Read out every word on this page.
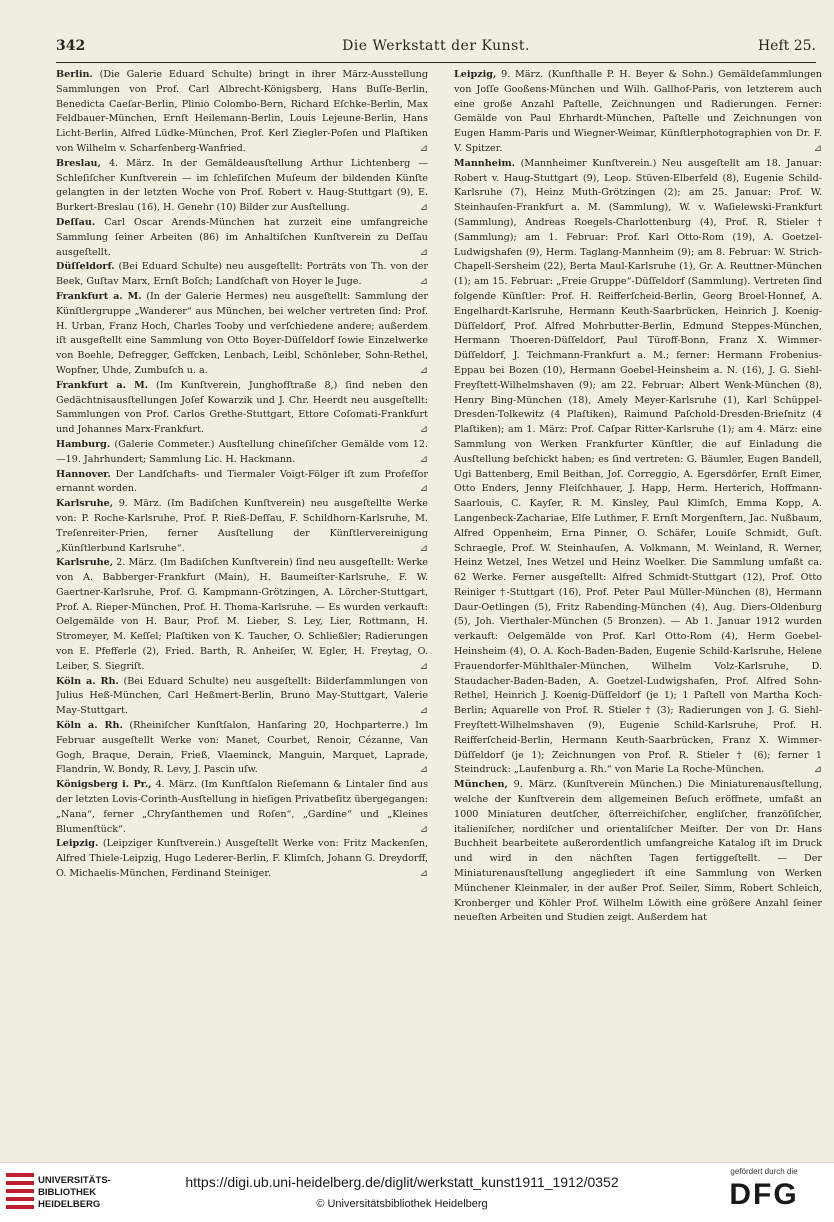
342	Die Werkstatt der Kunst.	Heft 25.

Berlin. (Die Galerie Eduard Schulte) bringt in ihrer März-Ausstellung Sammlungen von Prof. Carl Albrecht-Königsberg, Hans Buſſe-Berlin, Benedicta Caeſar-Berlin, Plinio Colombo-Bern, Richard Eſchke-Berlin, Max Feldbauer-München, Ernſt Heilemann-Berlin, Louis Lejeune-Berlin, Hans Licht-Berlin, Alfred Lüdke-München, Prof. Kerl Ziegler-Poſen und Plaſtiken von Wilhelm v. Scharfenberg-Wanfried.	⊿

Breslau, 4. März. In der Gemäldeausſtellung Arthur Lichtenberg — Schleſiſcher Kunſtverein — im ſchleſiſchen Muſeum der bildenden Künſte gelangten in der letzten Woche von Prof. Robert v. Haug-Stuttgart (9), E. Burkert-Breslau (16), H. Genehr (10) Bilder zur Ausſtellung.	⊿

Deſſau. Carl Oscar Arends-München hat zurzeit eine umfangreiche Sammlung ſeiner Arbeiten (86) im Anhaltiſchen Kunſtverein zu Deſſau ausgeſtellt.	⊿

Düſſeldorf. (Bei Eduard Schulte) neu ausgeſtellt: Porträts von Th. von der Beek, Guſtav Marx, Ernſt Boſch; Landſchaft von Hoyer le Juge.	⊿

Frankfurt a. M. (In der Galerie Hermes) neu ausgeſtellt: Sammlung der Künſtlergruppe „Wanderer“ aus München, bei welcher vertreten ſind: Prof. H. Urban, Franz Hoch, Charles Tooby und verſchiedene andere; außerdem iſt ausgeſtellt eine Sammlung von Otto Boyer-Düſſeldorf ſowie Einzelwerke von Boehle, Defregger, Geffcken, Lenbach, Leibl, Schönleber, Sohn-Rethel, Wopfner, Uhde, Zumbuſch u. a.	⊿

Frankfurt a. M. (Im Kunſtverein, Junghofſtraße 8,) ſind neben den Gedächtnisausſtellungen Joſef Kowarzik und J. Chr. Heerdt neu ausgeſtellt: Sammlungen von Prof. Carlos Grethe-Stuttgart, Ettore Coſomati-Frankfurt und Johannes Marx-Frankfurt.	⊿

Hamburg. (Galerie Commeter.) Ausſtellung chineſiſcher Gemälde vom 12.—19. Jahrhundert; Sammlung Lic. H. Hackmann.	⊿

Hannover. Der Landſchafts- und Tiermaler Voigt-Fölger iſt zum Profeſſor ernannt worden.	⊿

Karlsruhe, 9. März. (Im Badiſchen Kunſtverein) neu ausgeſtellte Werke von: P. Roche-Karlsruhe, Prof. P. Rieß-Deſſau, F. Schildhorn-Karlsruhe, M. Treſenreiter-Prien, ferner Ausſtellung der Künſtlervereinigung „Künſtlerbund Karlsruhe“.	⊿

Karlsruhe, 2. März. (Im Badiſchen Kunſtverein) ſind neu ausgeſtellt: Werke von A. Babberger-Frankfurt (Main), H. Baumeiſter-Karlsruhe, F. W. Gaertner-Karlsruhe, Prof. G. Kampmann-Grötzingen, A. Lörcher-Stuttgart, Prof. A. Rieper-München, Prof. H. Thoma-Karlsruhe. — Es wurden verkauft: Oelgemälde von H. Baur, Prof. M. Lieber, S. Ley, Lier, Rottmann, H. Stromeyer, M. Keſſel; Plaſtiken von K. Taucher, O. Schließler; Radierungen von E. Pfefferle (2), Fried. Barth, R. Anheiſer, W. Egler, H. Freytag, O. Leiber, S. Siegriſt.	⊿

Köln a. Rh. (Bei Eduard Schulte) neu ausgeſtellt: Bilderſammlungen von Julius Heß-München, Carl Heßmert-Berlin, Bruno May-Stuttgart, Valerie May-Stuttgart.	⊿

Köln a. Rh. (Rheiniſcher Kunſtſalon, Hanſaring 20, Hochparterre.) Im Februar ausgeſtellt Werke von: Manet, Courbet, Renoir, Cézanne, Van Gogh, Braque, Derain, Frieß, Vlaeminck, Manguin, Marquet, Laprade, Flandrin, W. Bondy, R. Levy, J. Pascin uſw.	⊿

Königsberg i. Pr., 4. März. (Im Kunſtſalon Rieſemann & Lintaler ſind aus der letzten Lovis-Corinth-Ausſtellung in hieſigen Privatbeſitz übergegangen: „Nana“, ferner „Chryſanthemen und Roſen“, „Gardine“ und „Kleines Blumenſtück“.	⊿

Leipzig. (Leipziger Kunſtverein.) Ausgeſtellt Werke von: Fritz Mackenſen, Alfred Thiele-Leipzig, Hugo Lederer-Berlin, F. Klimſch, Johann G. Dreydorff, O. Michaelis-München, Ferdinand Steiniger.	⊿

Leipzig, 9. März. (Kunſthalle P. H. Beyer & Sohn.) Gemäldeſammlungen von Joſſe Gooßens-München und Wilh. Gallhof-Paris, von letzterem auch eine große Anzahl Paſtelle, Zeichnungen und Radierungen. Ferner: Gemälde von Paul Ehrhardt-München, Paſtelle und Zeichnungen von Eugen Hamm-Paris und Wiegner-Weimar, Künſtlerphotographien von Dr. F. V. Spitzer.	⊿

Mannheim. (Mannheimer Kunſtverein.) Neu ausgeſtellt am 18. Januar: Robert v. Haug-Stuttgart (9), Leop. Stüven-Elberfeld (8), Eugenie Schild-Karlsruhe (7), Heinz Muth-Grötzingen (2); am 25. Januar: Prof. W. Steinhauſen-Frankfurt a. M. (Sammlung), W. v. Waſielewski-Frankfurt (Sammlung), Andreas Roegels-Charlottenburg (4), Prof. R. Stieler † (Sammlung); am 1. Februar: Prof. Karl Otto-Rom (19), A. Goetzel-Ludwigshafen (9), Herm. Taglang-Mannheim (9); am 8. Februar: W. Strich-Chapell-Sersheim (22), Berta Maul-Karlsruhe (1), Gr. A. Reuttner-München (1); am 15. Februar: „Freie Gruppe“-Düſſeldorf (Sammlung). Vertreten ſind folgende Künſtler: Prof. H. Reifferſcheid-Berlin, Georg Broel-Honnef, A. Engelhardt-Karlsruhe, Hermann Keuth-Saarbrücken, Heinrich J. Koenig-Düſſeldorf, Prof. Alfred Mohrbutter-Berlin, Edmund Steppes-München, Hermann Thoeren-Düſſeldorf, Paul Türoff-Bonn, Franz X. Wimmer-Düſſeldorf, J. Teichmann-Frankfurt a. M.; ferner: Hermann Frobenius-Eppau bei Bozen (10), Hermann Goebel-Heinsheim a. N. (16), J. G. Siehl-Freyſtett-Wilhelmshaven (9); am 22. Februar: Albert Wenk-München (8), Henry Bing-München (18), Amely Meyer-Karlsruhe (1), Karl Schüppel-Dresden-Tolkewitz (4 Plaſtiken), Raimund Paſchold-Dresden-Brieſnitz (4 Plaſtiken); am 1. März: Prof. Caſpar Ritter-Karlsruhe (1); am 4. März: eine Sammlung von Werken Frankfurter Künſtler, die auf Einladung die Ausſtellung beſchickt haben; es ſind vertreten: G. Bäumler, Eugen Bandell, Ugi Battenberg, Emil Beithan, Joſ. Correggio, A. Egersdörfer, Ernſt Eimer, Otto Enders, Jenny Fleiſchhauer, J. Happ, Herm. Herterich, Hoffmann-Saarlouis, C. Kayſer, R. M. Kinsley, Paul Klimſch, Emma Kopp, A. Langenbeck-Zachariae, Elſe Luthmer, F. Ernſt Morgenſtern, Jac. Nußbaum, Alfred Oppenheim, Erna Pinner, O. Schäfer, Louiſe Schmidt, Guſt. Schraegle, Prof. W. Steinhauſen, A. Volkmann, M. Weinland, R. Werner, Heinz Wetzel, Ines Wetzel und Heinz Woelker. Die Sammlung umfaßt ca. 62 Werke. Ferner ausgeſtellt: Alfred Schmidt-Stuttgart (12), Prof. Otto Reiniger †-Stuttgart (16), Prof. Peter Paul Müller-München (8), Hermann Daur-Oetlingen (5), Fritz Rabending-München (4), Aug. Diers-Oldenburg (5), Joh. Vierthaler-München (5 Bronzen). — Ab 1. Januar 1912 wurden verkauft: Oelgemälde von Prof. Karl Otto-Rom (4), Herm Goebel-Heinsheim (4), O. A. Koch-Baden-Baden, Eugenie Schild-Karlsruhe, Helene Frauendorfer-Mühlthaler-München, Wilhelm Volz-Karlsruhe, D. Staudacher-Baden-Baden, A. Goetzel-Ludwigshafen, Prof. Alfred Sohn-Rethel, Heinrich J. Koenig-Düſſeldorf (je 1); 1 Paſtell von Martha Koch-Berlin; Aquarelle von Prof. R. Stieler † (3); Radierungen von J. G. Siehl-Freyſtett-Wilhelmshaven (9), Eugenie Schild-Karlsruhe, Prof. H. Reifferſcheid-Berlin, Hermann Keuth-Saarbrücken, Franz X. Wimmer-Düſſeldorf (je 1); Zeichnungen von Prof. R. Stieler † (6); ferner 1 Steindruck: „Laufenburg a. Rh.“ von Marie La Roche-München.	⊿

München, 9. März. (Kunſtverein München.) Die Miniaturenausſtellung, welche der Kunſtverein dem allgemeinen Beſuch eröffnete, umfaßt an 1000 Miniaturen deutſcher, öſterreichiſcher, engliſcher, franzöſiſcher, italieniſcher, nordiſcher und orientaliſcher Meiſter. Der von Dr. Hans Buchheit bearbeitete außerordentlich umfangreiche Katalog iſt im Druck und wird in den nächſten Tagen fertiggeſtellt. — Der Miniaturenausſtellung angegliedert iſt eine Sammlung von Werken Münchener Kleinmaler, in der außer Prof. Seiler, Simm, Robert Schleich, Kronberger und Köhler Prof. Wilhelm Löwith eine größere Anzahl ſeiner neueſten Arbeiten und Studien zeigt. Außerdem hat

UNIVERSITÄTS-
BIBLIOTHEK
HEIDELBERG
https://digi.ub.uni-heidelberg.de/diglit/werkstatt_kunst1911_1912/0352
© Universitätsbibliothek Heidelberg
gefördert durch die
DFG
